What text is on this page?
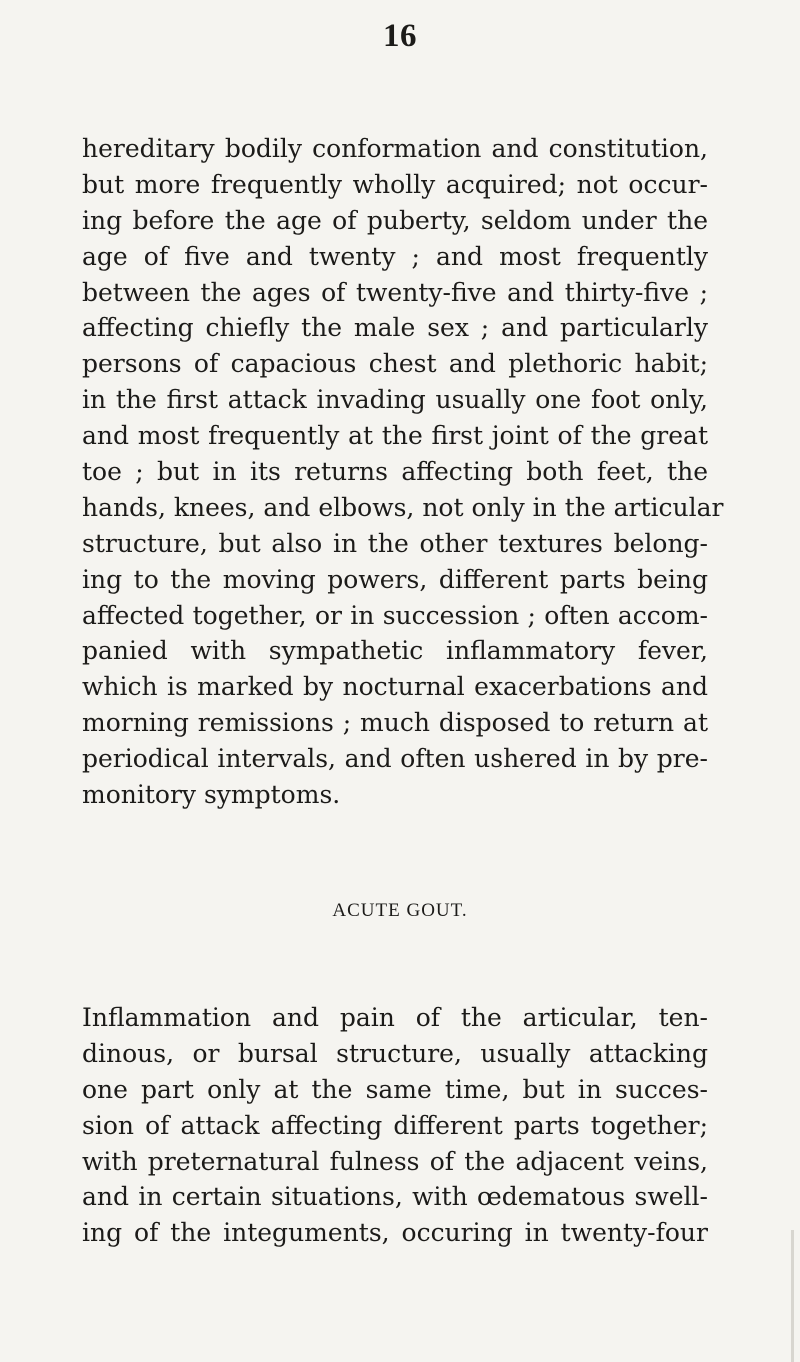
16
hereditary bodily conformation and constitution,
but more frequently wholly acquired; not occur-
ing before the age of puberty, seldom under the
age of five and twenty ; and most frequently
between the ages of twenty-five and thirty-five ;
affecting chiefly the male sex ; and particularly
persons of capacious chest and plethoric habit;
in the first attack invading usually one foot only,
and most frequently at the first joint of the great
toe ; but in its returns affecting both feet, the
hands, knees, and elbows, not only in the articular
structure, but also in the other textures belong-
ing to the moving powers, different parts being
affected together, or in succession ; often accom-
panied with sympathetic inflammatory fever,
which is marked by nocturnal exacerbations and
morning remissions ; much disposed to return at
periodical intervals, and often ushered in by pre-
monitory symptoms.
ACUTE GOUT.
Inflammation and pain of the articular, ten-
dinous, or bursal structure, usually attacking
one part only at the same time, but in succes-
sion of attack affecting different parts together;
with preternatural fulness of the adjacent veins,
and in certain situations, with œdematous swell-
ing of the integuments, occuring in twenty-four
